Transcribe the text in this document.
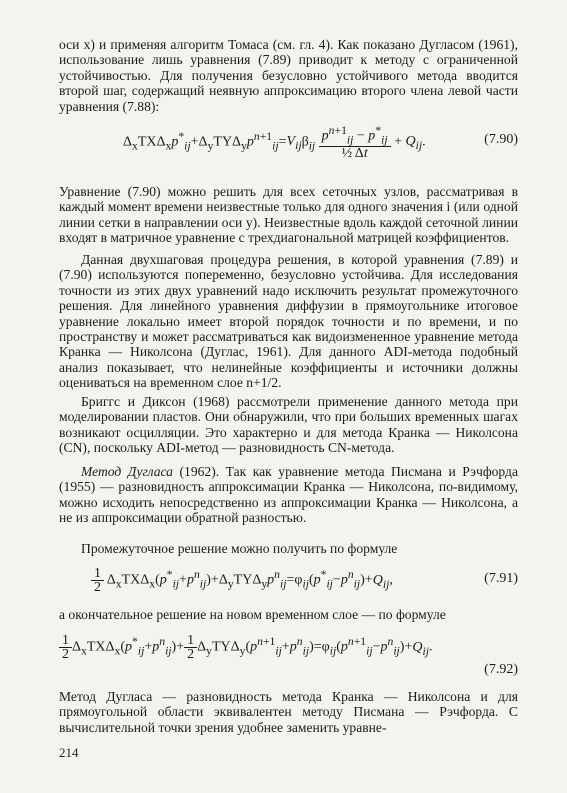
оси x) и применяя алгоритм Томаса (см. гл. 4). Как показано Дугласом (1961), использование лишь уравнения (7.89) приводит к методу с ограниченной устойчивостью. Для получения безусловно устойчивого метода вводится второй шаг, содержащий неявную аппроксимацию второго члена левой части уравнения (7.88):

$\Delta_xTX\Delta_xp^*_{ij}+\Delta_yTY\Delta_yp^{n+1}_{ij}=V_{ij}\beta_{ij} \frac{p^{n+1}_{ij} - p^*_{ij}}{\text{½ Δt}} + Q_{ij}$.	(7.90)

Уравнение (7.90) можно решить для всех сеточных узлов, рассматривая в каждый момент времени неизвестные только для одного значения i (или одной линии сетки в направлении оси y). Неизвестные вдоль каждой сеточной линии входят в матричное уравнение с трехдиагональной матрицей коэффициентов.

Данная двухшаговая процедура решения, в которой уравнения (7.89) и (7.90) используются попеременно, безусловно устойчива. Для исследования точности из этих двух уравнений надо исключить результат промежуточного решения. Для линейного уравнения диффузии в прямоугольнике итоговое уравнение локально имеет второй порядок точности и по времени, и по пространству и может рассматриваться как видоизмененное уравнение метода Кранка — Николсона (Дуглас, 1961). Для данного ADI-метода подобный анализ показывает, что нелинейные коэффициенты и источники должны оцениваться на временном слое n+1/2.

Бриггс и Диксон (1968) рассмотрели применение данного метода при моделировании пластов. Они обнаружили, что при больших временных шагах возникают осцилляции. Это характерно и для метода Кранка — Николсона (CN), поскольку ADI-метод — разновидность CN-метода.

Метод Дугласа (1962). Так как уравнение метода Писмана и Рэчфорда (1955) — разновидность аппроксимации Кранка — Николсона, по-видимому, можно исходить непосредственно из аппроксимации Кранка — Николсона, а не из аппроксимации обратной разностью.

Промежуточное решение можно получить по формуле

$\frac{1}{2} \Delta_xTX\Delta_x(p^*_{ij}+p^n_{ij})+\Delta_yTY\Delta_yp^n_{ij}=\varphi_{ij}(p^*_{ij}-p^n_{ij})+Q_{ij}$,	(7.91)

а окончательное решение на новом временном слое — по формуле

$\frac{1}{2} \Delta_xTX\Delta_x(p^*_{ij}+p^n_{ij})+ \frac{1}{2} \Delta_yTY\Delta_y(p^{n+1}_{ij}+p^n_{ij})=\varphi_{ij}(p^{n+1}_{ij}-p^n_{ij})+Q_{ij}$.
(7.92)

Метод Дугласа — разновидность метода Кранка — Николсона и для прямоугольной области эквивалентен методу Писмана — Рэчфорда. С вычислительной точки зрения удобнее заменить уравне-

214
